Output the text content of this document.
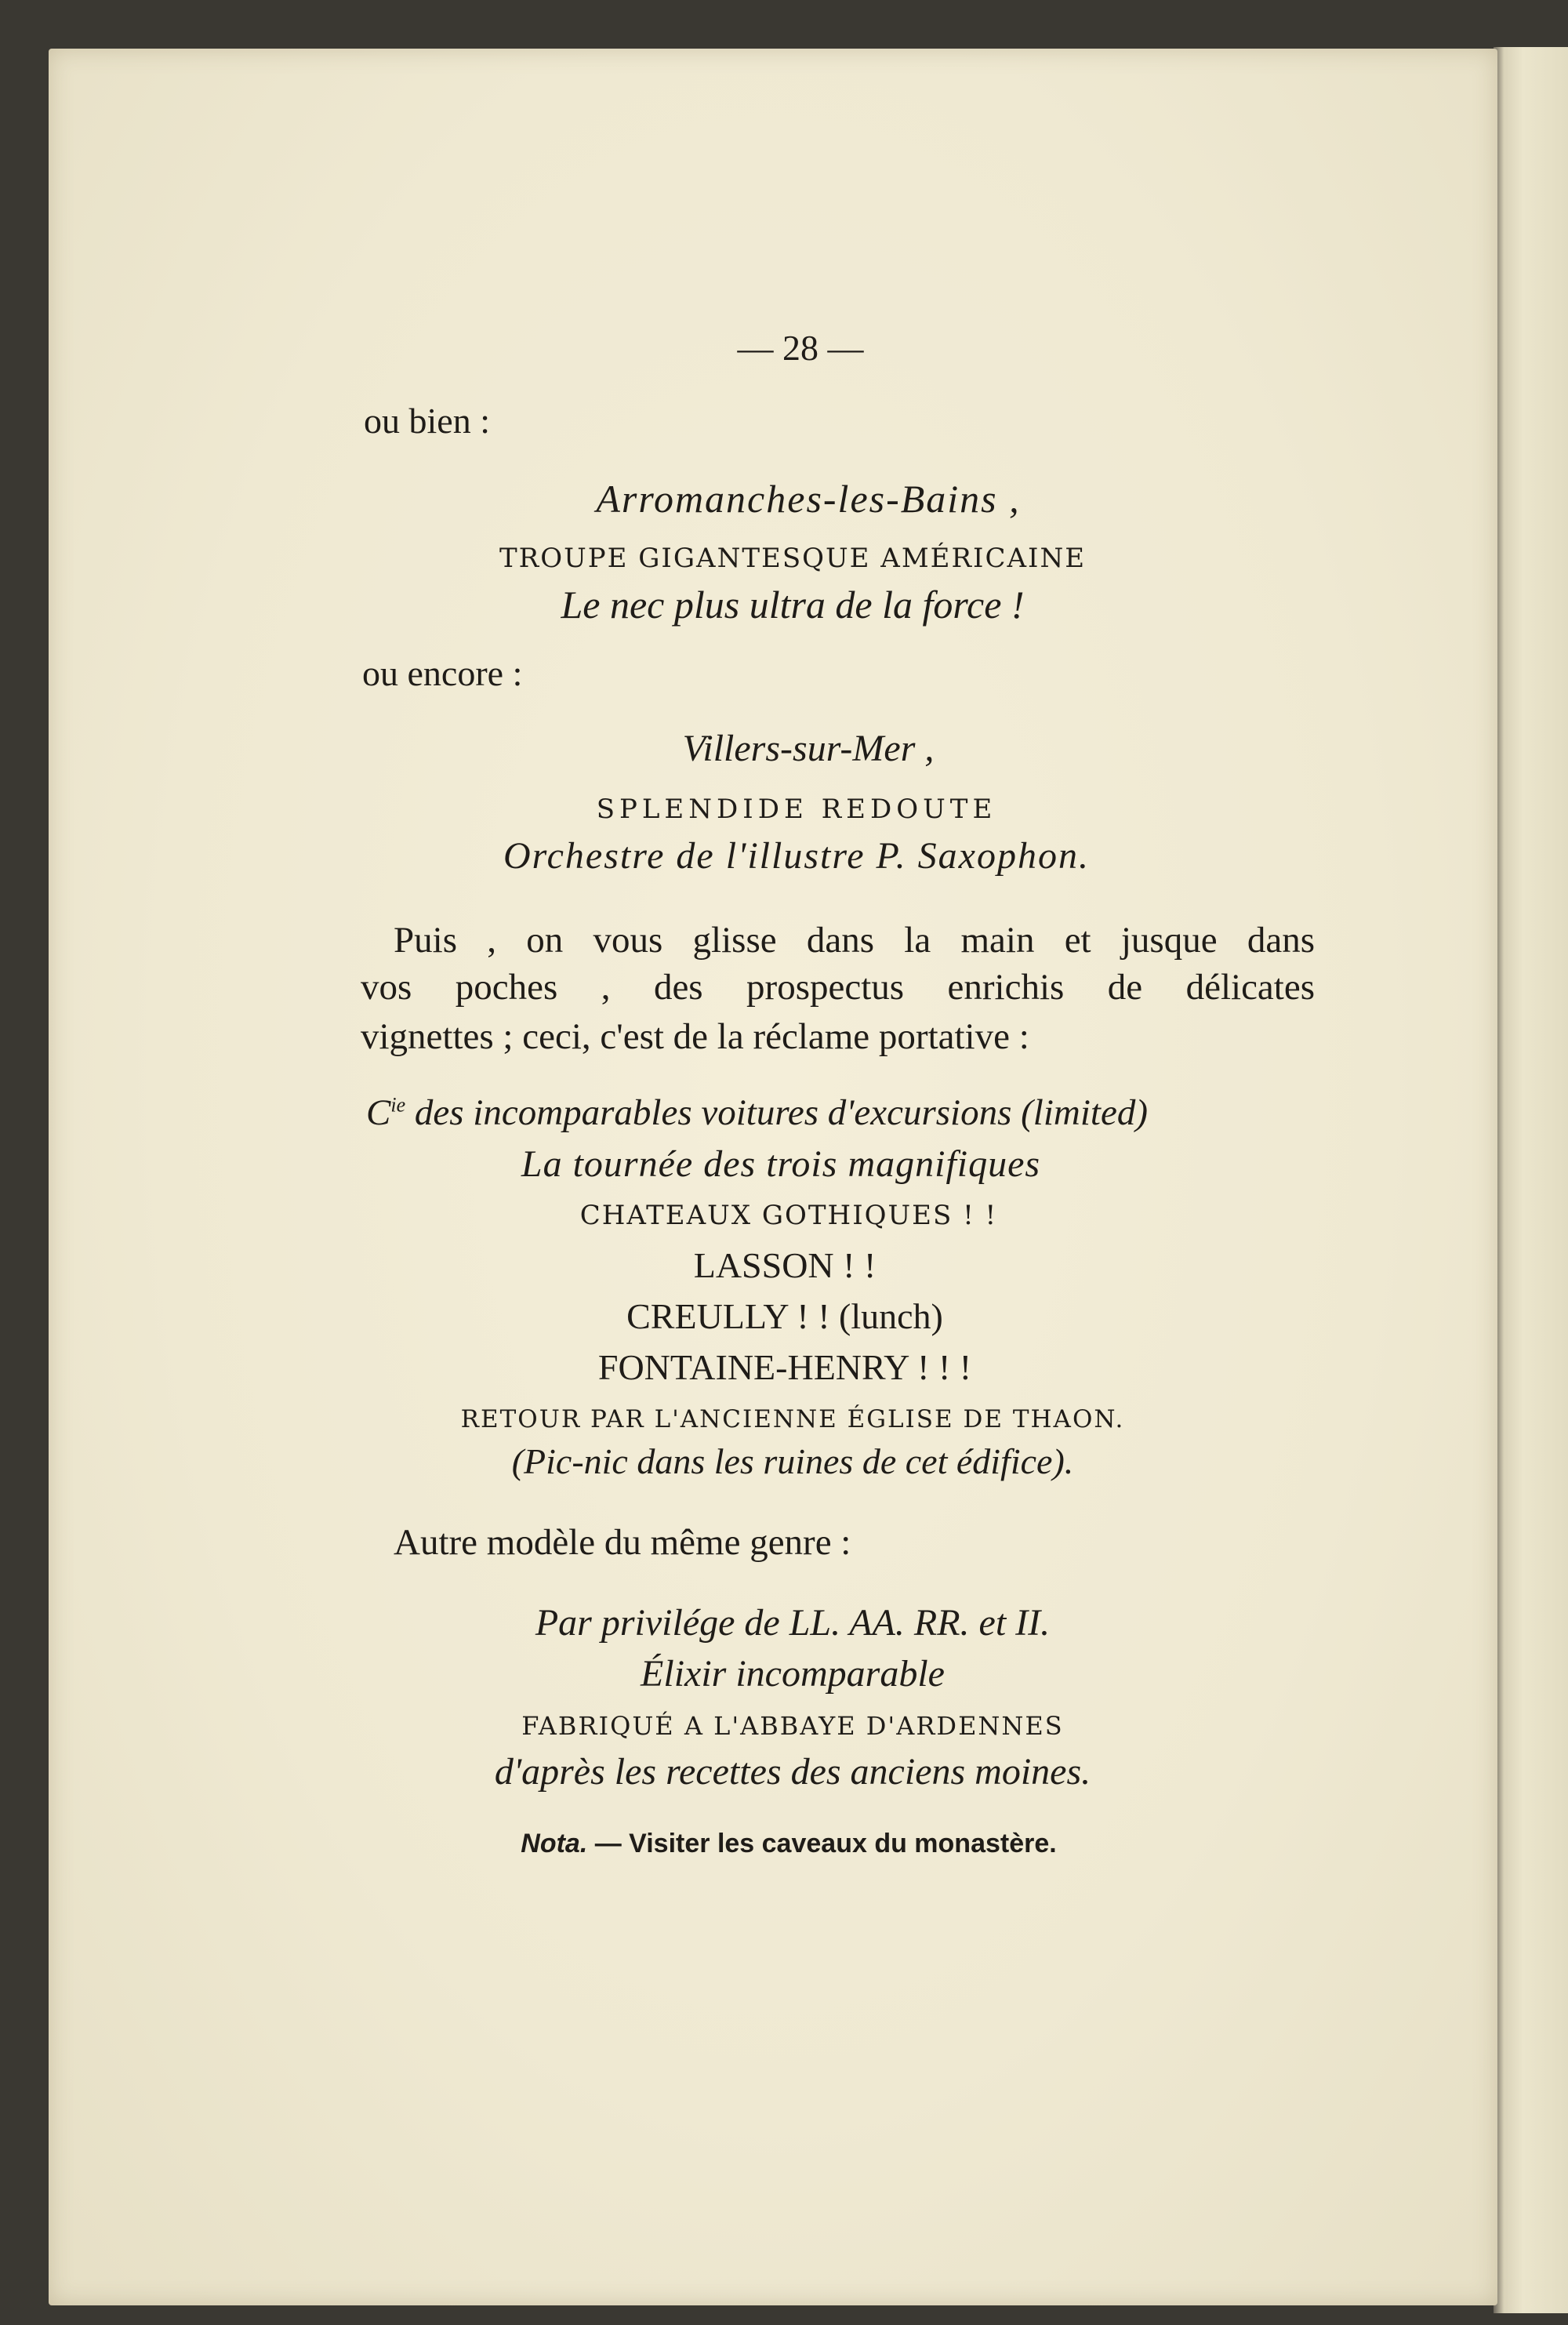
— 28 —
ou bien :
Arromanches-les-Bains ,
TROUPE GIGANTESQUE AMÉRICAINE
Le nec plus ultra de la force !
ou encore :
Villers-sur-Mer ,
SPLENDIDE REDOUTE
Orchestre de l'illustre P. Saxophon.
Puis , on vous glisse dans la main et jusque dans
vos poches , des prospectus enrichis de délicates
vignettes ; ceci, c'est de la réclame portative :
$C^{ie}$ des incomparables voitures d'excursions (limited)
La tournée des trois magnifiques
CHATEAUX GOTHIQUES ! !
LASSON ! !
CREULLY ! ! (lunch)
FONTAINE-HENRY ! ! !
RETOUR PAR L'ANCIENNE ÉGLISE DE THAON.
(Pic-nic dans les ruines de cet édifice).
Autre modèle du même genre :
Par privilége de LL. AA. RR. et II.
Élixir incomparable
FABRIQUÉ A L'ABBAYE D'ARDENNES
d'après les recettes des anciens moines.
Nota. — Visiter les caveaux du monastère.
